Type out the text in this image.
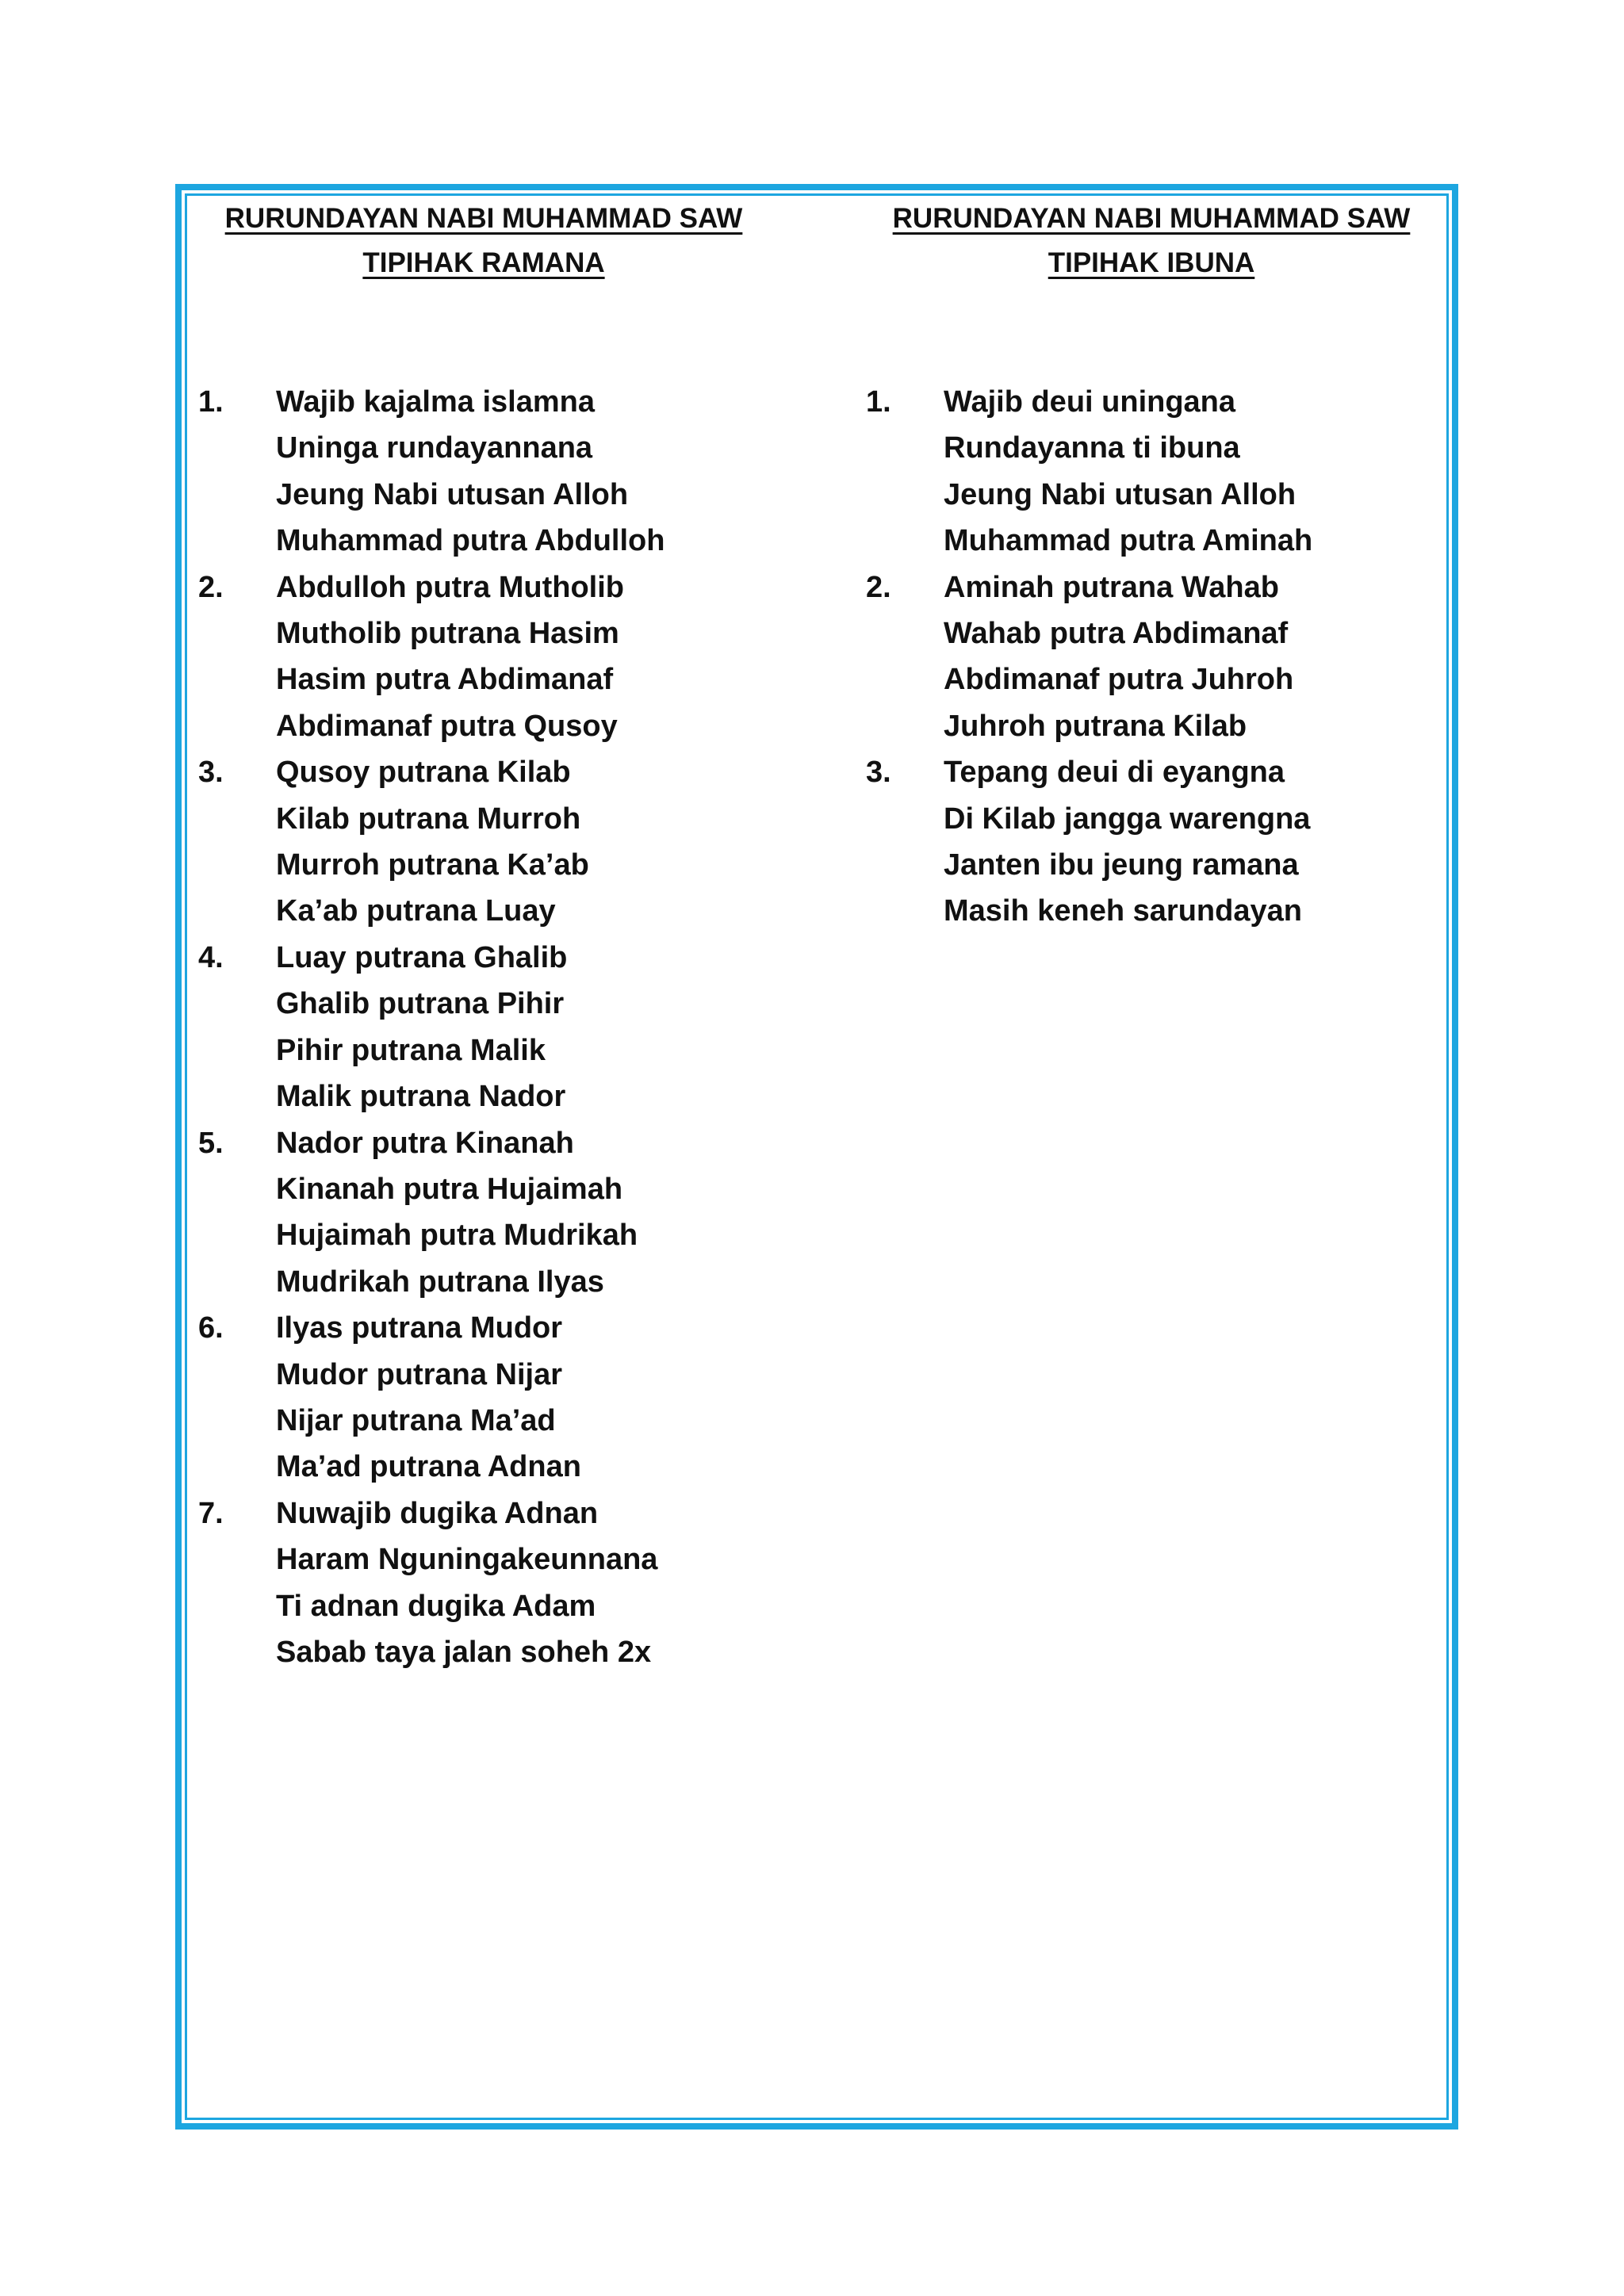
RURUNDAYAN NABI MUHAMMAD SAW
TIPIHAK RAMANA
1. Wajib kajalma islamna
Uninga rundayannana
Jeung Nabi utusan Alloh
Muhammad putra Abdulloh
2. Abdulloh putra Mutholib
Mutholib putrana Hasim
Hasim putra Abdimanaf
Abdimanaf putra Qusoy
3. Qusoy putrana Kilab
Kilab putrana Murroh
Murroh putrana Ka’ab
Ka’ab putrana Luay
4. Luay putrana Ghalib
Ghalib putrana Pihir
Pihir putrana Malik
Malik putrana Nador
5. Nador putra Kinanah
Kinanah putra Hujaimah
Hujaimah putra Mudrikah
Mudrikah putrana Ilyas
6. Ilyas putrana Mudor
Mudor putrana Nijar
Nijar putrana Ma’ad
Ma’ad putrana Adnan
7. Nuwajib dugika Adnan
Haram Nguningakeunnana
Ti adnan dugika Adam
Sabab taya jalan soheh 2x
RURUNDAYAN NABI MUHAMMAD SAW
TIPIHAK IBUNA
1. Wajib deui uningana
Rundayanna ti ibuna
Jeung Nabi utusan Alloh
Muhammad putra Aminah
2. Aminah putrana Wahab
Wahab putra Abdimanaf
Abdimanaf putra Juhroh
Juhroh putrana Kilab
3. Tepang deui di eyangna
Di Kilab jangga warengna
Janten ibu jeung ramana
Masih keneh sarundayan
